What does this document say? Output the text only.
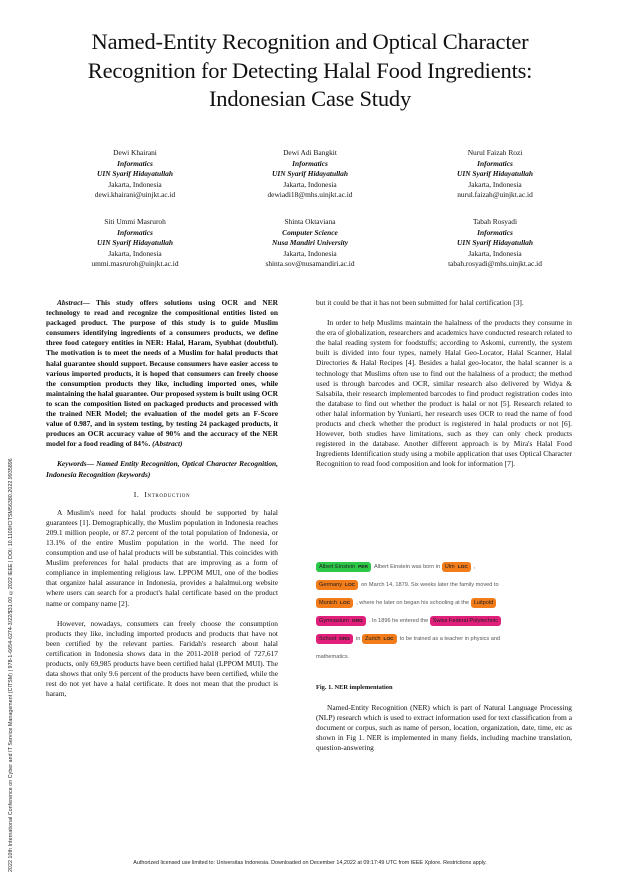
Named-Entity Recognition and Optical Character
Recognition for Detecting Halal Food Ingredients:
Indonesian Case Study
Dewi Khairani
Informatics
UIN Syarif Hidayatullah
Jakarta, Indonesia
dewi.khairani@uinjkt.ac.id
Dewi Adi Bangkit
Informatics
UIN Syarif Hidayatullah
Jakarta, Indonesia
dewiadi18@mhs.uinjkt.ac.id
Nurul Faizah Rozi
Informatics
UIN Syarif Hidayatullah
Jakarta, Indonesia
nurul.faizah@uinjkt.ac.id
Siti Ummi Masruroh
Informatics
UIN Syarif Hidayatullah
Jakarta, Indonesia
ummi.masruroh@uinjkt.ac.id
Shinta Oktaviana
Computer Science
Nusa Mandiri University
Jakarta, Indonesia
shinta.sov@nusamandiri.ac.id
Tabah Rosyadi
Informatics
UIN Syarif Hidayatullah
Jakarta, Indonesia
tabah.rosyadi@mhs.uinjkt.ac.id
2022 10th International Conference on Cyber and IT Service Management (CITSM) | 978-1-6654-6274-3/22/$31.00 ©2022 IEEE | DOI: 10.1109/CITSM56380.2022.9935896

Abstract— This study offers solutions using OCR and NER technology to read and recognize the compositional entities listed on packaged product. The purpose of this study is to guide Muslim consumers identifying ingredients of a consumers products, we define three food category entities in NER: Halal, Haram, Syubhat (doubtful). The motivation is to meet the needs of a Muslim for halal products that halal guarantee should support. Because consumers have easier access to various imported products, it is hoped that consumers can freely choose the consumption products they like, including imported ones, while maintaining the halal guarantee. Our proposed system is built using OCR to scan the composition listed on packaged products and processed with the trained NER Model; the evaluation of the model gets an F-Score value of 0.987, and in system testing, by testing 24 packaged products, it produces an OCR accuracy value of 90% and the accuracy of the NER model for a food reading of 84%. (Abstract)

Keywords— Named Entity Recognition, Optical Character Recognition, Indonesia Recognition (keywords)

I. Introduction

A Muslim's need for halal products should be supported by halal guarantees [1]. Demographically, the Muslim population in Indonesia reaches 209.1 million people, or 87.2 percent of the total population of Indonesia, or 13.1% of the entire Muslim population in the world. The need for consumption and use of halal products will be substantial. This coincides with Muslim preferences for halal products that are improving as a form of compliance in implementing religious law. LPPOM MUI, one of the bodies that organize halal assurance in Indonesia, provides a halalmui.org website where users can search for a product's halal certificate based on the product name or company name [2].

However, nowadays, consumers can freely choose the consumption products they like, including imported products and products that have not been certified by the relevant parties. Faridah's research about halal certification in Indonesia shows data in the 2011-2018 period of 727,617 products, only 69,985 products have been certified halal (LPPOM MUI). The data shows that only 9.6 percent of the products have been certified, while the rest do not yet have a halal certificate. It does not mean that the product is haram,

but it could be that it has not been submitted for halal certification [3].

In order to help Muslims maintain the halalness of the products they consume in the era of globalization, researchers and academics have conducted research related to the halal reading system for foodstuffs; according to Askomi, currently, the system built is divided into four types, namely Halal Geo-Locator, Halal Scanner, Halal Directories & Halal Recipes [4]. Besides a halal geo-locator, the halal scanner is a technology that Muslims often use to find out the halalness of a product; the method used is through barcodes and OCR, similar research also delivered by Widya & Salsabila, their research implemented barcodes to find product registration codes into the database to find out whether the product is halal or not [5]. Research related to other halal information by Yuniarti, her research uses OCR to read the name of food products and check whether the product is registered in halal products or not [6]. However, both studies have limitations, such as they can only check products registered in the database. Another different approach is by Mira's Halal Food Ingredients Identification study using a mobile application that uses Optical Character Recognition to read food composition and look for information [7].

Albert Einstein PER	Albert Einstein was born in
Ulm LOC	,
Germany LOC	on March 14, 1879. Six weeks later the family moved to
Munich LOC	, where he later on began his schooling at the
Luitpold
Gymnasium ORG	. In 1896 he entered the
Swiss Federal Polytechnic
School ORG	in
Zurich LOC	to be trained as a teacher in physics and
mathematics.
Fig. 1. NER implementation

Named-Entity Recognition (NER) which is part of Natural Language Processing (NLP) research which is used to extract information used for text classification from a document or corpus, such as name of person, location, organization, date, time, etc as shown in Fig 1. NER is implemented in many fields, including machine translation, question-answering

Authorized licensed use limited to: Universitas Indonesia. Downloaded on December 14,2022 at 09:17:49 UTC from IEEE Xplore. Restrictions apply.
